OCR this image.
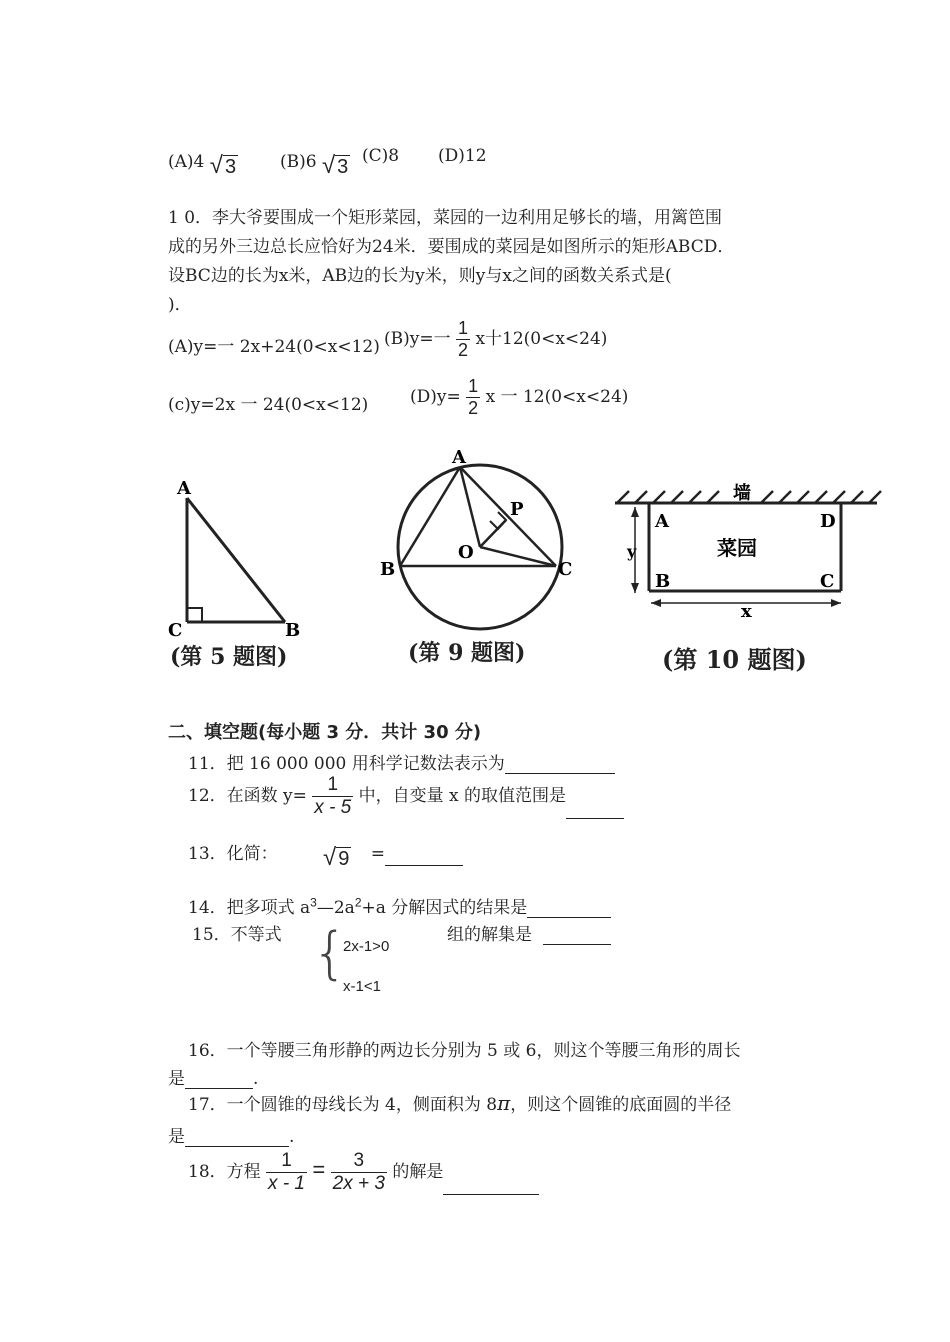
(A)4 √ 3	(B)6 √ 3 (C)8 (D)12
1 0．李大爷要围成一个矩形菜园，菜园的一边利用足够长的墙，用篱笆围
成的另外三边总长应恰好为24米．要围成的菜园是如图所示的矩形ABCD．
设BC边的长为x米，AB边的长为y米，则y与x之间的函数关系式是(
)．
(A)y=一 2x+24(0<x<12) (B)y=一 $\frac{1}{2}$ x十12(0<x<24)
(c)y=2x 一 24(0<x<12) $(D)y= \frac{1}{2}$ x 一 12(0<x<24)
A
C	B
(第 5 题图)
A
B	C
O
P
(第 9 题图)
墙
A
B	C
D
菜园
y
x
(第 10 题图)
二、填空题(每小题 3 分．共计 30 分)
11．把 16 000 000 用科学记数法表示为
12．在函数 $y= \frac{1}{x - 5}$ 中，自变量 x 的取值范围是
13．化简： √ 9 =
14．把多项式 $a^3—2a^2+a$ 分解因式的结果是
15．不等式 {
2x-1>0
x-1<1
组的解集是
16．一个等腰三角形静的两边长分别为 5 或 6，则这个等腰三角形的周长
是	.
17．一个圆锥的母线长为 4，侧面积为 8π，则这个圆锥的底面圆的半径
是	.
18．方程 $\frac{1}{x - 1} = \frac{3}{2x + 3}$ 的解是
